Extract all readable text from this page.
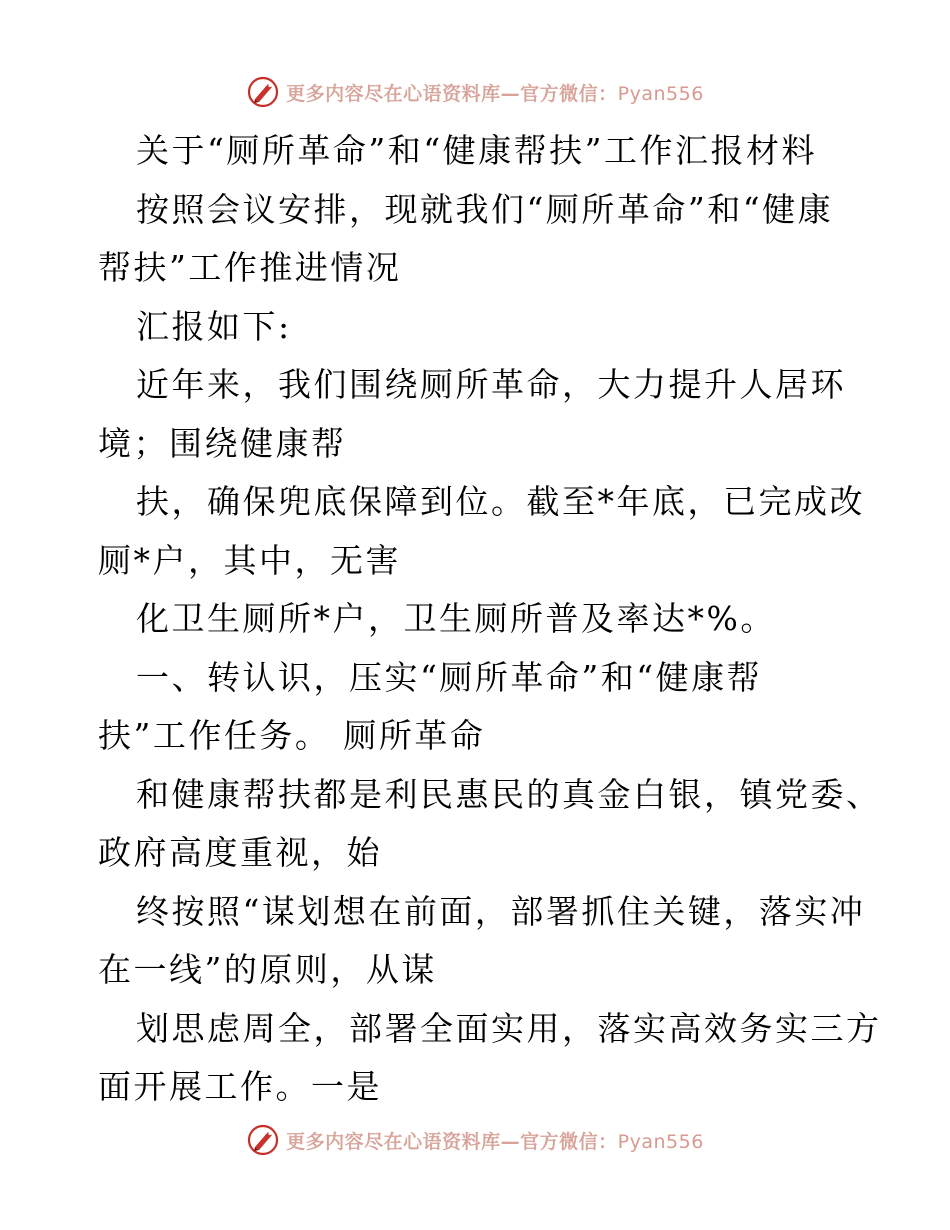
更多内容尽在心语资料库—官方微信：Pyan556
关于“厕所革命”和“健康帮扶”工作汇报材料
按照会议安排，现就我们“厕所革命”和“健康
帮扶”工作推进情况
汇报如下:
近年来，我们围绕厕所革命，大力提升人居环
境；围绕健康帮
扶，确保兜底保障到位。截至*年底，已完成改
厕*户，其中，无害
化卫生厕所*户，卫生厕所普及率达*%。
一、转认识，压实“厕所革命”和“健康帮
扶”工作任务。 厕所革命
和健康帮扶都是利民惠民的真金白银，镇党委、
政府高度重视，始
终按照“谋划想在前面，部署抓住关键，落实冲
在一线”的原则，从谋
划思虑周全，部署全面实用，落实高效务实三方
面开展工作。一是
更多内容尽在心语资料库—官方微信：Pyan556
